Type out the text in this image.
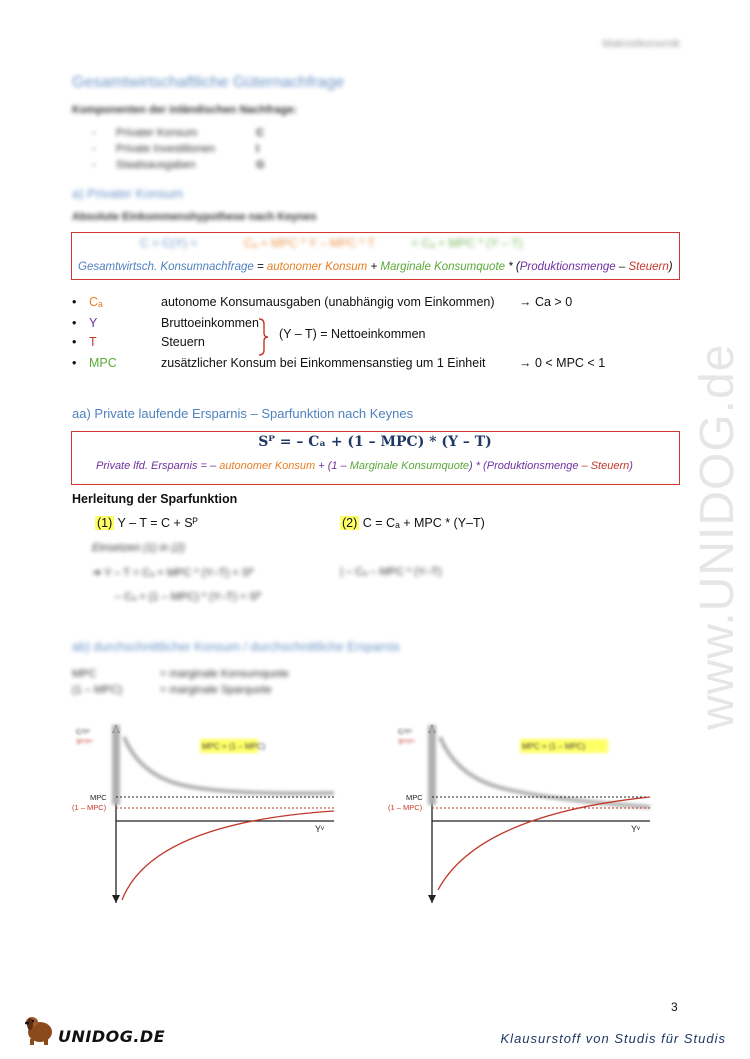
Makroökonomik
Gesamtwirtschaftliche Güternachfrage
Komponenten der inländischen Nachfrage:
- Privater Konsum	C
- Private Investitionen	I
- Staatsausgaben	G
a) Privater Konsum
Absolute Einkommenshypothese nach Keynes
C = C(Y) =	Cₐ + MPC * Y – MPC * T	= Cₐ + MPC * (Y – T)
Gesamtwirtsch. Konsumnachfrage = autonomer Konsum + Marginale Konsumquote * (Produktionsmenge – Steuern)
• Cₐ	autonome Konsumausgaben (unabhängig vom Einkommen) → Ca > 0
• Y	Bruttoeinkommen
• T	Steuern
• MPC	zusätzlicher Konsum bei Einkommensanstieg um 1 Einheit	→ 0 < MPC < 1
(Y – T) = Nettoeinkommen
aa) Private laufende Ersparnis – Sparfunktion nach Keynes
Sᴾ = – Cₐ + (1 – MPC) * (Y – T)
Private lfd. Ersparnis = – autonomer Konsum + (1 – Marginale Konsumquote) * (Produktionsmenge – Steuern)
Herleitung der Sparfunktion
(1) Y – T = C + Sᴾ	(2) C = Cₐ + MPC * (Y–T)
Einsetzen (1) in (2)
➜ Y – T = Cₐ + MPC * (Y–T) + Sᴾ	| – Cₐ – MPC * (Y–T)
– Cₐ + (1 – MPC) * (Y–T) = Sᴾ
ab) durchschnittlicher Konsum / durchschnittliche Ersparnis
MPC	= marginale Konsumquote
(1 – MPC)	= marginale Sparquote
C/Yᵛ
Sᴾ/Yᵛ	MPC + (1 – MPC)
MPC
(1 – MPC)
Yᵛ
C/Yᵛ
Sᴾ/Yᵛ	MPC + (1 – MPC)
MPC
(1 – MPC)
Yᵛ
www.UNIDOG.de
3
UNIDOG.DE	Klausurstoff von Studis für Studis
